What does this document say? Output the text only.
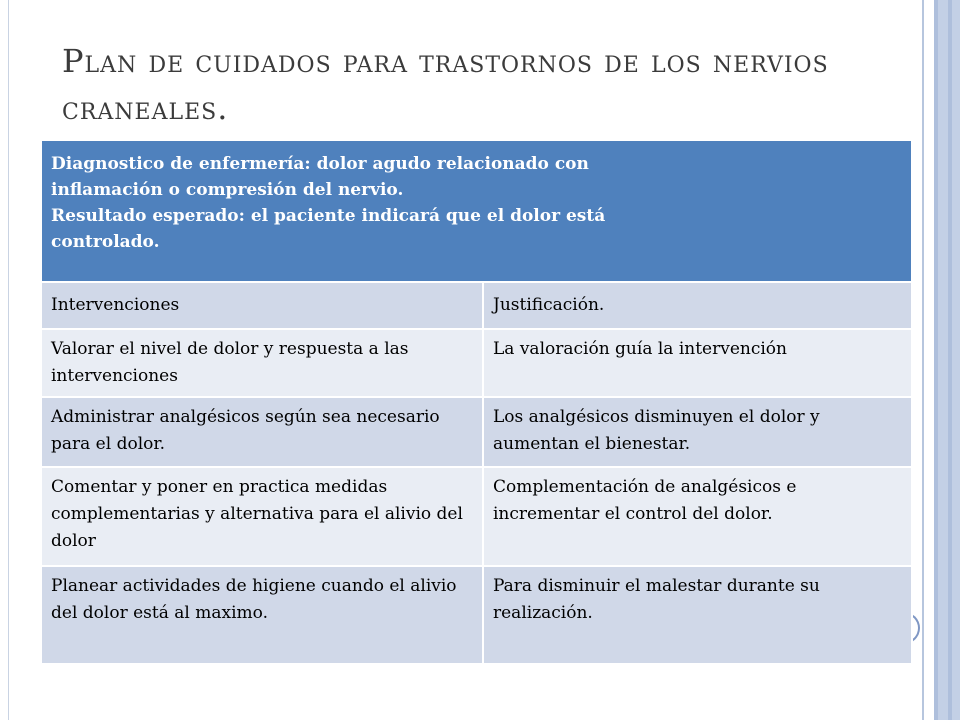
Plan de cuidados para trastornos de los nervios craneales.
Diagnostico de enfermería: dolor agudo relacionado con
inflamación o compresión del nervio.
Resultado esperado: el paciente indicará que el dolor está
controlado.	

Intervenciones	Justificación.
Valorar el nivel de dolor y respuesta a las intervenciones	La valoración guía la intervención
Administrar analgésicos según sea necesario para el dolor.	Los analgésicos disminuyen el dolor y aumentan el bienestar.
Comentar y poner en practica medidas complementarias y alternativa para el alivio del dolor	Complementación de analgésicos e incrementar el control del dolor.
Planear actividades de higiene cuando el alivio del dolor está al maximo.	Para disminuir el malestar durante su realización.
